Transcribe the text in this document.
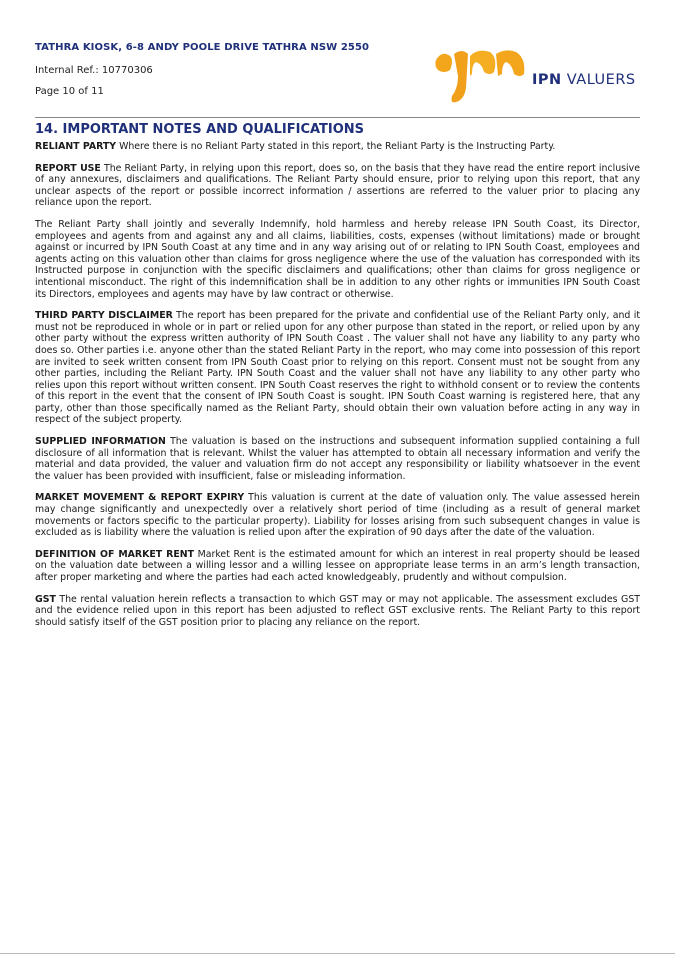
TATHRA KIOSK, 6-8 ANDY POOLE DRIVE TATHRA NSW 2550
Internal Ref.: 10770306
Page 10 of 11
IPN VALUERS
14. IMPORTANT NOTES AND QUALIFICATIONS

RELIANT PARTY Where there is no Reliant Party stated in this report, the Reliant Party is the Instructing Party.

REPORT USE The Reliant Party, in relying upon this report, does so, on the basis that they have read the entire report inclusive of any annexures, disclaimers and qualifications. The Reliant Party should ensure, prior to relying upon this report, that any unclear aspects of the report or possible incorrect information / assertions are referred to the valuer prior to placing any reliance upon the report.

The Reliant Party shall jointly and severally Indemnify, hold harmless and hereby release IPN South Coast, its Director, employees and agents from and against any and all claims, liabilities, costs, expenses (without limitations) made or brought against or incurred by IPN South Coast at any time and in any way arising out of or relating to IPN South Coast, employees and agents acting on this valuation other than claims for gross negligence where the use of the valuation has corresponded with its Instructed purpose in conjunction with the specific disclaimers and qualifications; other than claims for gross negligence or intentional misconduct. The right of this indemnification shall be in addition to any other rights or immunities IPN South Coast its Directors, employees and agents may have by law contract or otherwise.

THIRD PARTY DISCLAIMER The report has been prepared for the private and confidential use of the Reliant Party only, and it must not be reproduced in whole or in part or relied upon for any other purpose than stated in the report, or relied upon by any other party without the express written authority of IPN South Coast . The valuer shall not have any liability to any party who does so. Other parties i.e. anyone other than the stated Reliant Party in the report, who may come into possession of this report are invited to seek written consent from IPN South Coast prior to relying on this report. Consent must not be sought from any other parties, including the Reliant Party. IPN South Coast and the valuer shall not have any liability to any other party who relies upon this report without written consent. IPN South Coast reserves the right to withhold consent or to review the contents of this report in the event that the consent of IPN South Coast is sought. IPN South Coast warning is registered here, that any party, other than those specifically named as the Reliant Party, should obtain their own valuation before acting in any way in respect of the subject property.

SUPPLIED INFORMATION The valuation is based on the instructions and subsequent information supplied containing a full disclosure of all information that is relevant. Whilst the valuer has attempted to obtain all necessary information and verify the material and data provided, the valuer and valuation firm do not accept any responsibility or liability whatsoever in the event the valuer has been provided with insufficient, false or misleading information.

MARKET MOVEMENT & REPORT EXPIRY This valuation is current at the date of valuation only. The value assessed herein may change significantly and unexpectedly over a relatively short period of time (including as a result of general market movements or factors specific to the particular property). Liability for losses arising from such subsequent changes in value is excluded as is liability where the valuation is relied upon after the expiration of 90 days after the date of the valuation.

DEFINITION OF MARKET RENT Market Rent is the estimated amount for which an interest in real property should be leased on the valuation date between a willing lessor and a willing lessee on appropriate lease terms in an arm’s length transaction, after proper marketing and where the parties had each acted knowledgeably, prudently and without compulsion.

GST The rental valuation herein reflects a transaction to which GST may or may not applicable. The assessment excludes GST and the evidence relied upon in this report has been adjusted to reflect GST exclusive rents. The Reliant Party to this report should satisfy itself of the GST position prior to placing any reliance on the report.
